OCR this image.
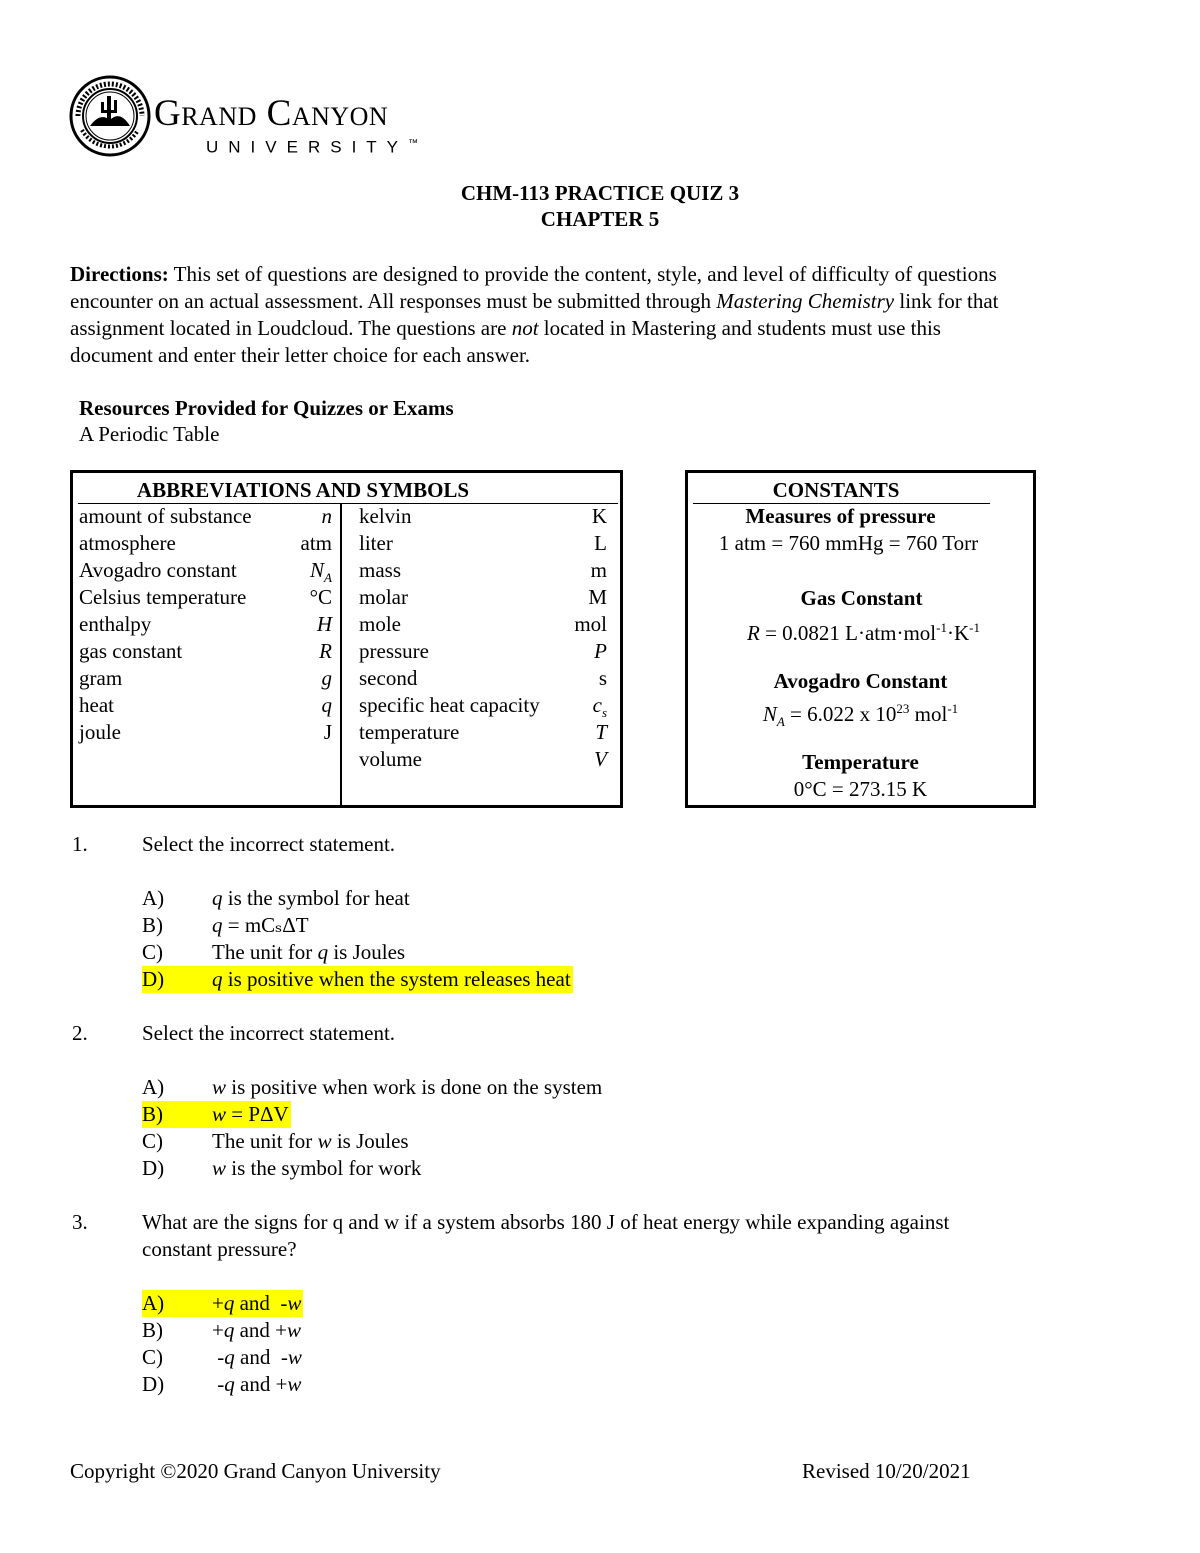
Grand Canyon
UNIVERSITY™
CHM-113 PRACTICE QUIZ 3
CHAPTER 5
Directions: This set of questions are designed to provide the content, style, and level of difficulty of questions
encounter on an actual assessment. All responses must be submitted through Mastering Chemistry link for that
assignment located in Loudcloud. The questions are not located in Mastering and students must use this
document and enter their letter choice for each answer.
Resources Provided for Quizzes or Exams
A Periodic Table
ABBREVIATIONS AND SYMBOLS
amount of substance	n
atmosphere	atm
Avogadro constant	$N_A$
Celsius temperature	°C
enthalpy	H
gas constant	R
gram	g
heat	q
joule	J
kelvin	K
liter	L
mass	m
molar	M
mole	mol
pressure	P
second	s
specific heat capacity	$c_s$
temperature	T
volume	V
CONSTANTS
Measures of pressure
1 atm = 760 mmHg = 760 Torr
Gas Constant
R = 0.0821 $L\cdot atm\cdot mol^{-1}\cdot K^{-1}$
Avogadro Constant
$N_A = 6.022$ x $10^{23}$ mol$^{-1}$
Temperature
0°C = 273.15 K
1.	Select the incorrect statement.
A) q is the symbol for heat
B) q = mCₛΔT
C) The unit for q is Joules
D) q is positive when the system releases heat
2.	Select the incorrect statement.
A) w is positive when work is done on the system
B) w = PΔV
C) The unit for w is Joules
D) w is the symbol for work
3.	What are the signs for q and w if a system absorbs 180 J of heat energy while expanding against
constant pressure?
A) +q and  -w
B) +q and +w
C) -q and  -w
D) -q and +w
Copyright ©2020 Grand Canyon University	Revised 10/20/2021
